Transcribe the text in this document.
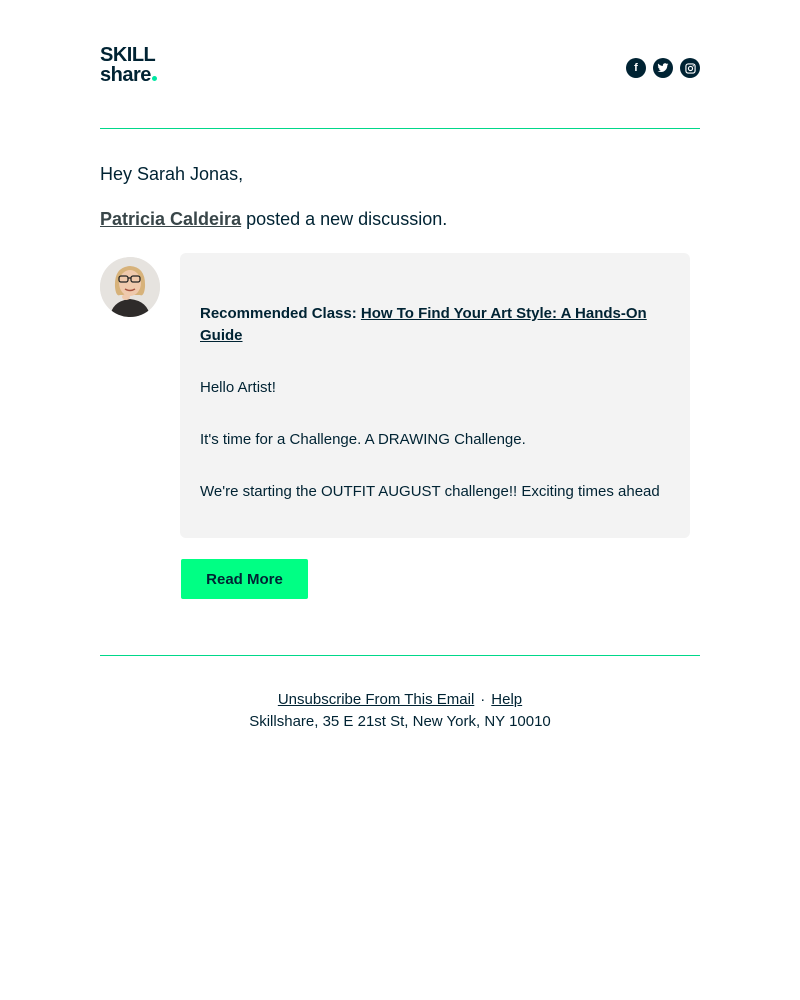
SKILL
share	f
Hey Sarah Jonas,
Patricia Caldeira posted a new discussion.
Recommended Class: How To Find Your Art Style: A Hands-On Guide

Hello Artist!

It's time for a Challenge. A DRAWING Challenge.

We're starting the OUTFIT AUGUST challenge!! Exciting times ahead

Read More
Unsubscribe From This Email · Help
Skillshare, 35 E 21st St, New York, NY 10010
